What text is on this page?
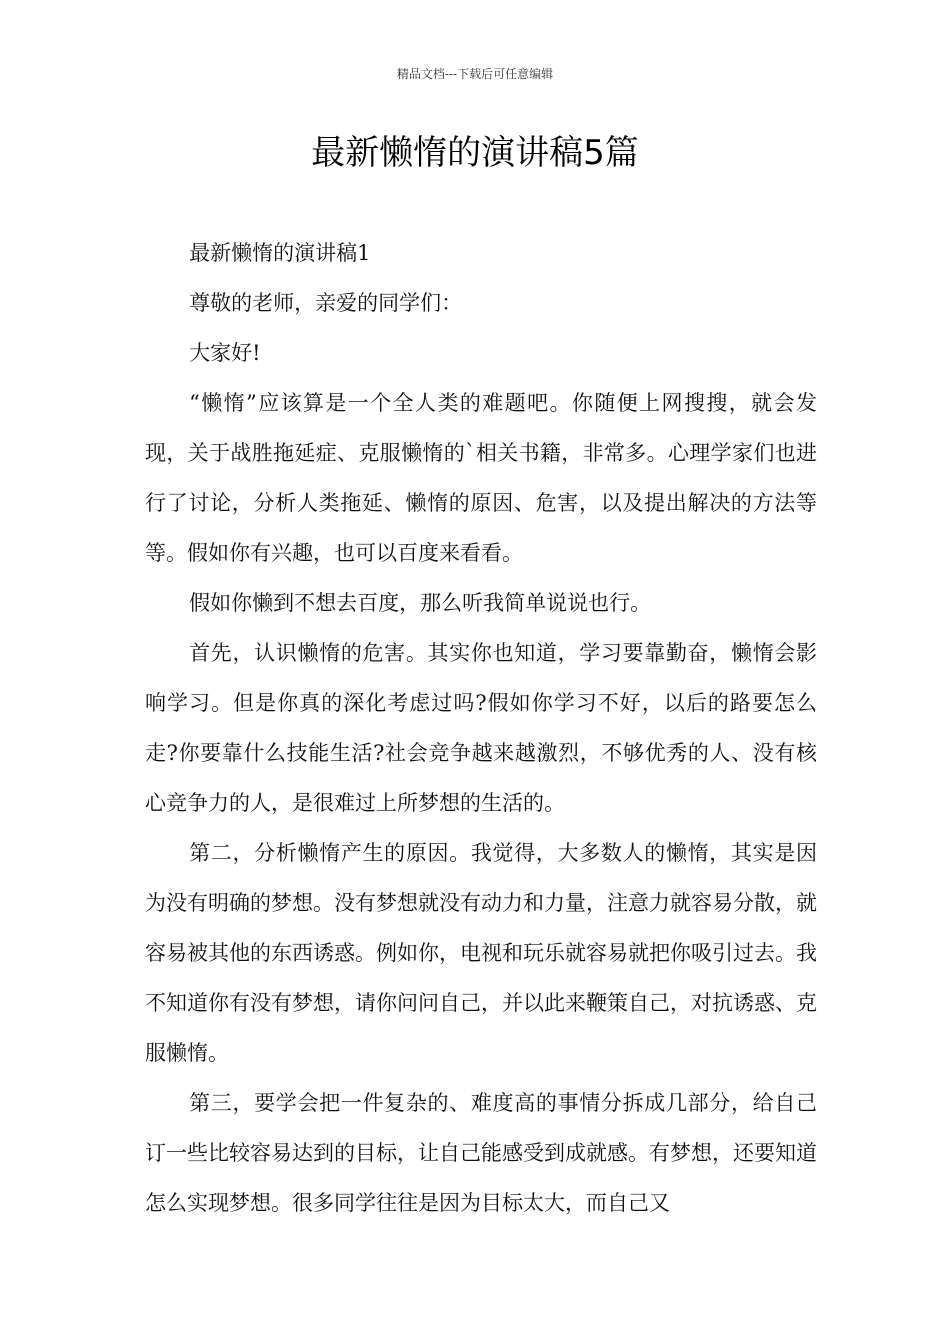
精品文档---下载后可任意编辑
最新懒惰的演讲稿5篇

最新懒惰的演讲稿1

尊敬的老师，亲爱的同学们：

大家好!

“懒惰”应该算是一个全人类的难题吧。你随便上网搜搜，就会发现，关于战胜拖延症、克服懒惰的`相关书籍，非常多。心理学家们也进行了讨论，分析人类拖延、懒惰的原因、危害，以及提出解决的方法等等。假如你有兴趣，也可以百度来看看。

假如你懒到不想去百度，那么听我简单说说也行。

首先，认识懒惰的危害。其实你也知道，学习要靠勤奋，懒惰会影响学习。但是你真的深化考虑过吗?假如你学习不好，以后的路要怎么走?你要靠什么技能生活?社会竞争越来越激烈，不够优秀的人、没有核心竞争力的人，是很难过上所梦想的生活的。

第二，分析懒惰产生的原因。我觉得，大多数人的懒惰，其实是因为没有明确的梦想。没有梦想就没有动力和力量，注意力就容易分散，就容易被其他的东西诱惑。例如你，电视和玩乐就容易就把你吸引过去。我不知道你有没有梦想，请你问问自己，并以此来鞭策自己，对抗诱惑、克服懒惰。

第三，要学会把一件复杂的、难度高的事情分拆成几部分，给自己订一些比较容易达到的目标，让自己能感受到成就感。有梦想，还要知道怎么实现梦想。很多同学往往是因为目标太大，而自己又
